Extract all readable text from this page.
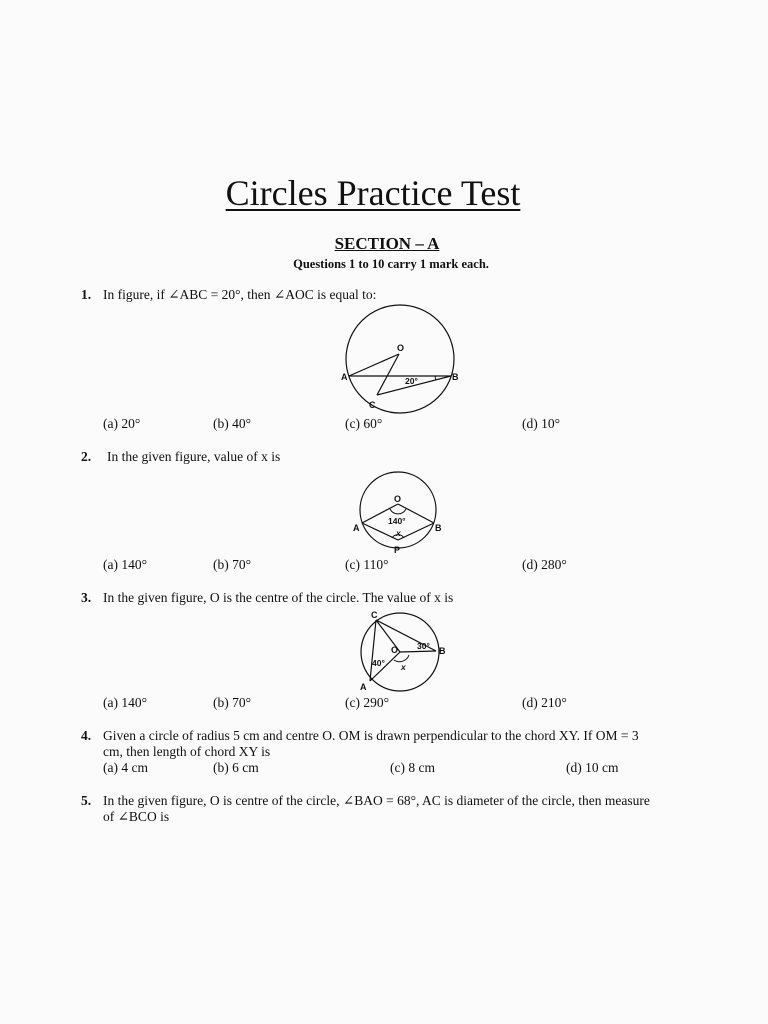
Circles Practice Test
SECTION – A
Questions 1 to 10 carry 1 mark each.
1. In figure, if ∠ABC = 20°, then ∠AOC is equal to:
O
A	B
C
20°
(a) 20°	(b) 40°	(c) 60°	(d) 10°
2. In the given figure, value of x is
O
A	B
P
140°
x
(a) 140°	(b) 70°	(c) 110°	(d) 280°
3. In the given figure, O is the centre of the circle. The value of x is
C
O	B
A
30°
40° x
(a) 140°	(b) 70°	(c) 290°	(d) 210°
4. Given a circle of radius 5 cm and centre O. OM is drawn perpendicular to the chord XY. If OM = 3
cm, then length of chord XY is
(a) 4 cm	(b) 6 cm	(c) 8 cm	(d) 10 cm
5. In the given figure, O is centre of the circle, ∠BAO = 68°, AC is diameter of the circle, then measure
of ∠BCO is
